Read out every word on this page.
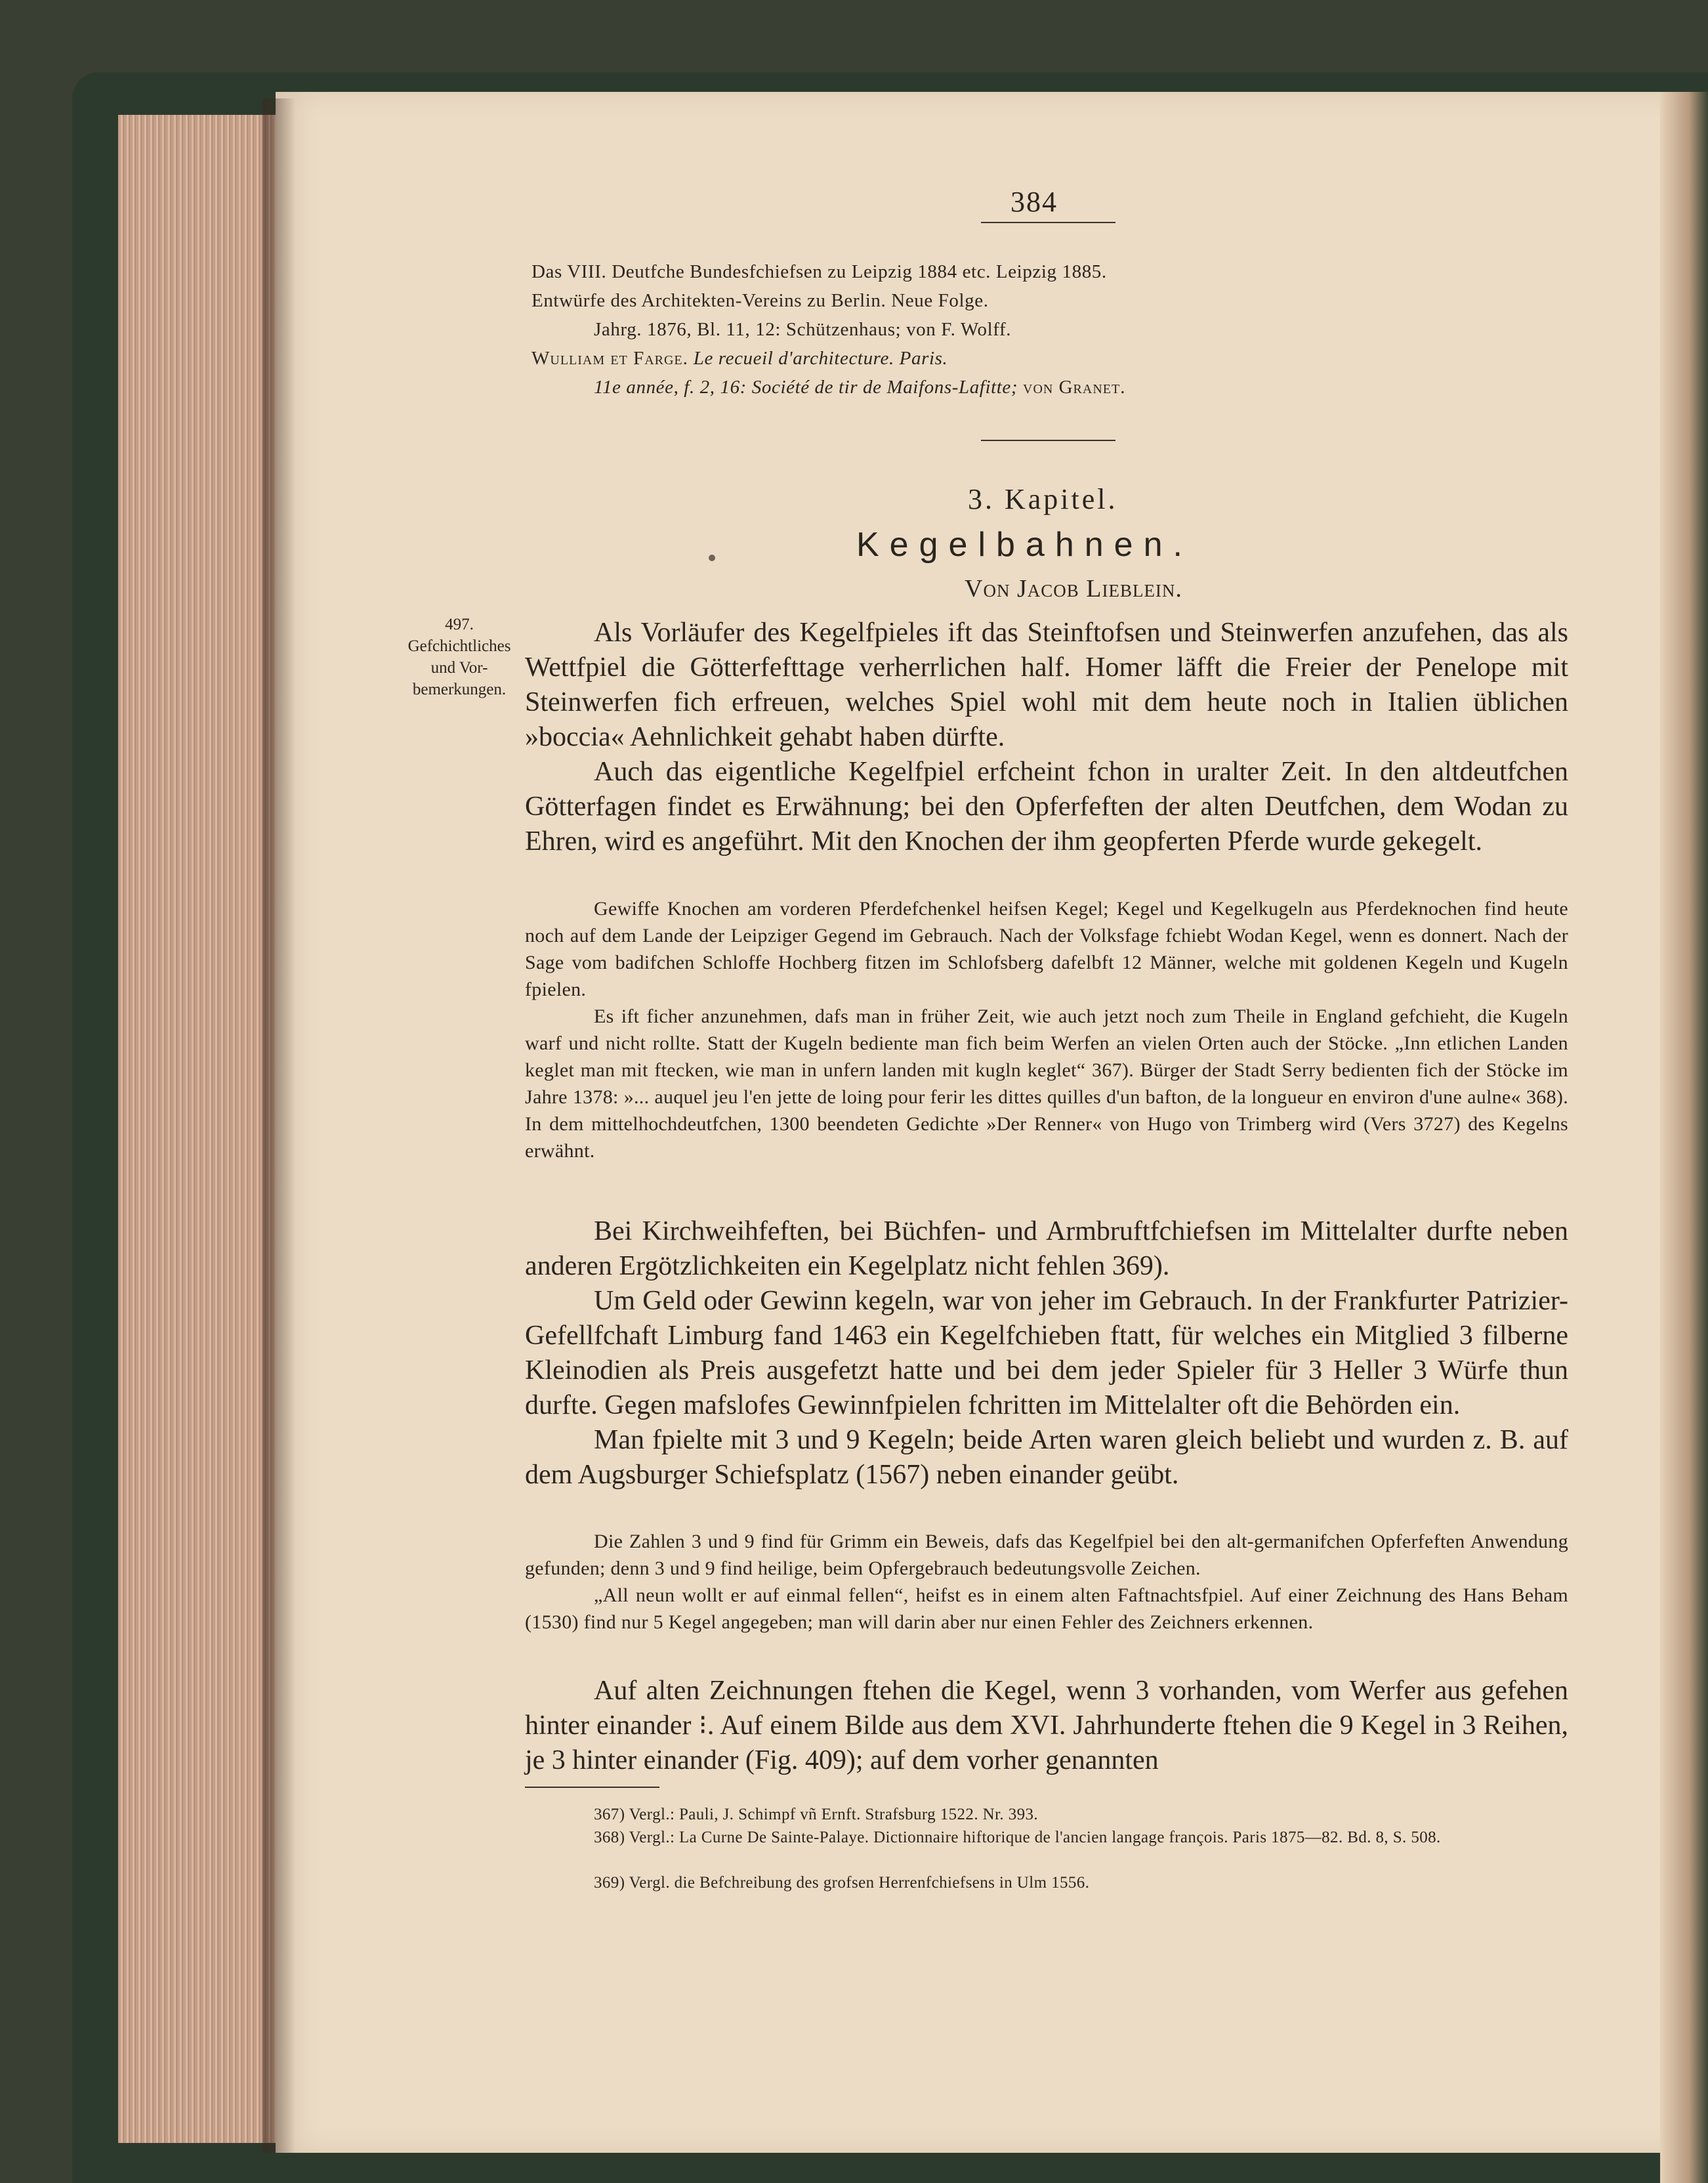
384
Das VIII. Deutfche Bundesfchiefsen zu Leipzig 1884 etc. Leipzig 1885.
Entwürfe des Architekten-Vereins zu Berlin. Neue Folge.
Jahrg. 1876, Bl. 11, 12: Schützenhaus; von F. Wolff.
Wulliam et Farge. Le recueil d'architecture. Paris.
11e année, f. 2, 16: Société de tir de Maifons-Lafitte; von Granet.
3. Kapitel.
Kegelbahnen.
Von Jacob Lieblein.
497.
Gefchichtliches
und Vor-
bemerkungen.

Als Vorläufer des Kegelfpieles ift das Steinftofsen und Steinwerfen anzufehen, das als Wettfpiel die Götterfefttage verherrlichen half. Homer läfft die Freier der Penelope mit Steinwerfen fich erfreuen, welches Spiel wohl mit dem heute noch in Italien üblichen »boccia« Aehnlichkeit gehabt haben dürfte.

Auch das eigentliche Kegelfpiel erfcheint fchon in uralter Zeit. In den altdeutfchen Götterfagen findet es Erwähnung; bei den Opferfeften der alten Deutfchen, dem Wodan zu Ehren, wird es angeführt. Mit den Knochen der ihm geopferten Pferde wurde gekegelt.

Gewiffe Knochen am vorderen Pferdefchenkel heifsen Kegel; Kegel und Kegelkugeln aus Pferdeknochen find heute noch auf dem Lande der Leipziger Gegend im Gebrauch. Nach der Volksfage fchiebt Wodan Kegel, wenn es donnert. Nach der Sage vom badifchen Schloffe Hochberg fitzen im Schlofsberg dafelbft 12 Männer, welche mit goldenen Kegeln und Kugeln fpielen.

Es ift ficher anzunehmen, dafs man in früher Zeit, wie auch jetzt noch zum Theile in England gefchieht, die Kugeln warf und nicht rollte. Statt der Kugeln bediente man fich beim Werfen an vielen Orten auch der Stöcke. „Inn etlichen Landen keglet man mit ftecken, wie man in unfern landen mit kugln keglet“ 367). Bürger der Stadt Serry bedienten fich der Stöcke im Jahre 1378: »... auquel jeu l'en jette de loing pour ferir les dittes quilles d'un bafton, de la longueur en environ d'une aulne« 368). In dem mittelhochdeutfchen, 1300 beendeten Gedichte »Der Renner« von Hugo von Trimberg wird (Vers 3727) des Kegelns erwähnt.

Bei Kirchweihfeften, bei Büchfen- und Armbruftfchiefsen im Mittelalter durfte neben anderen Ergötzlichkeiten ein Kegelplatz nicht fehlen 369).

Um Geld oder Gewinn kegeln, war von jeher im Gebrauch. In der Frankfurter Patrizier-Gefellfchaft Limburg fand 1463 ein Kegelfchieben ftatt, für welches ein Mitglied 3 filberne Kleinodien als Preis ausgefetzt hatte und bei dem jeder Spieler für 3 Heller 3 Würfe thun durfte. Gegen mafslofes Gewinnfpielen fchritten im Mittelalter oft die Behörden ein.

Man fpielte mit 3 und 9 Kegeln; beide Arten waren gleich beliebt und wurden z. B. auf dem Augsburger Schiefsplatz (1567) neben einander geübt.

Die Zahlen 3 und 9 find für Grimm ein Beweis, dafs das Kegelfpiel bei den alt-germanifchen Opferfeften Anwendung gefunden; denn 3 und 9 find heilige, beim Opfergebrauch bedeutungsvolle Zeichen.

„All neun wollt er auf einmal fellen“, heifst es in einem alten Faftnachtsfpiel. Auf einer Zeichnung des Hans Beham (1530) find nur 5 Kegel angegeben; man will darin aber nur einen Fehler des Zeichners erkennen.

Auf alten Zeichnungen ftehen die Kegel, wenn 3 vorhanden, vom Werfer aus gefehen hinter einander ⁝. Auf einem Bilde aus dem XVI. Jahrhunderte ftehen die 9 Kegel in 3 Reihen, je 3 hinter einander (Fig. 409); auf dem vorher genannten

367) Vergl.: Pauli, J. Schimpf vñ Ernft. Strafsburg 1522. Nr. 393.
368) Vergl.: La Curne De Sainte-Palaye. Dictionnaire hiftorique de l'ancien langage françois. Paris 1875—82. Bd. 8, S. 508.
369) Vergl. die Befchreibung des grofsen Herrenfchiefsens in Ulm 1556.
